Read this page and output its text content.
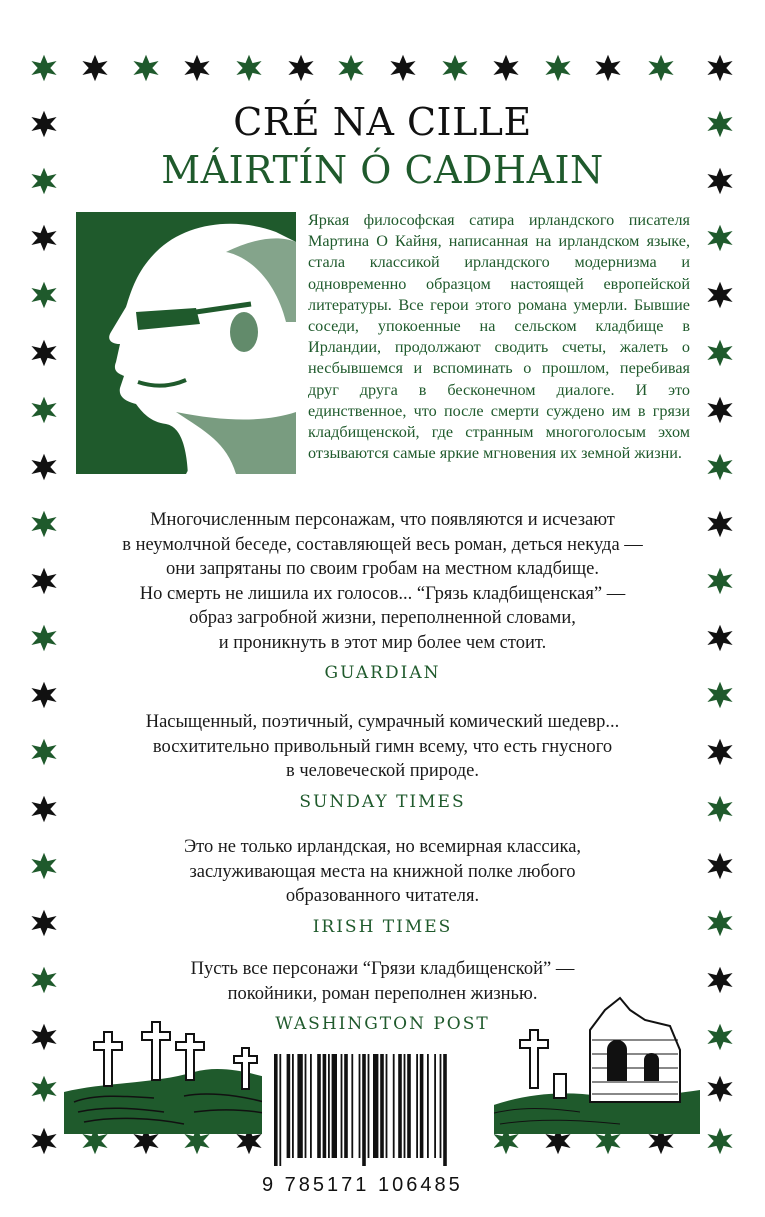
CRÉ NA CILLE
MÁIRTÍN Ó CADHAIN
Яркая философская сатира ирландского писателя Мартина О Кайня, написанная на ирландском языке, стала классикой ирландского модернизма и одновременно образцом настоящей европейской литературы. Все герои этого романа умерли. Бывшие соседи, упокоенные на сельском кладбище в Ирландии, продолжают сводить счеты, жалеть о несбывшемся и вспоминать о прошлом, перебивая друг друга в бесконечном диалоге. И это единственное, что после смерти суждено им в грязи кладбищенской, где странным многоголосым эхом отзываются самые яркие мгновения их земной жизни.
Многочисленным персонажам, что появляются и исчезают
в неумолчной беседе, составляющей весь роман, деться некуда —
они запрятаны по своим гробам на местном кладбище.
Но смерть не лишила их голосов... “Грязь кладбищенская” —
образ загробной жизни, переполненной словами,
и проникнуть в этот мир более чем стоит.
GUARDIAN
Насыщенный, поэтичный, сумрачный комический шедевр...
восхитительно привольный гимн всему, что есть гнусного
в человеческой природе.
SUNDAY TIMES
Это не только ирландская, но всемирная классика,
заслуживающая места на книжной полке любого
образованного читателя.
IRISH TIMES
Пусть все персонажи “Грязи кладбищенской” —
покойники, роман переполнен жизнью.
WASHINGTON POST
9 785171 106485
